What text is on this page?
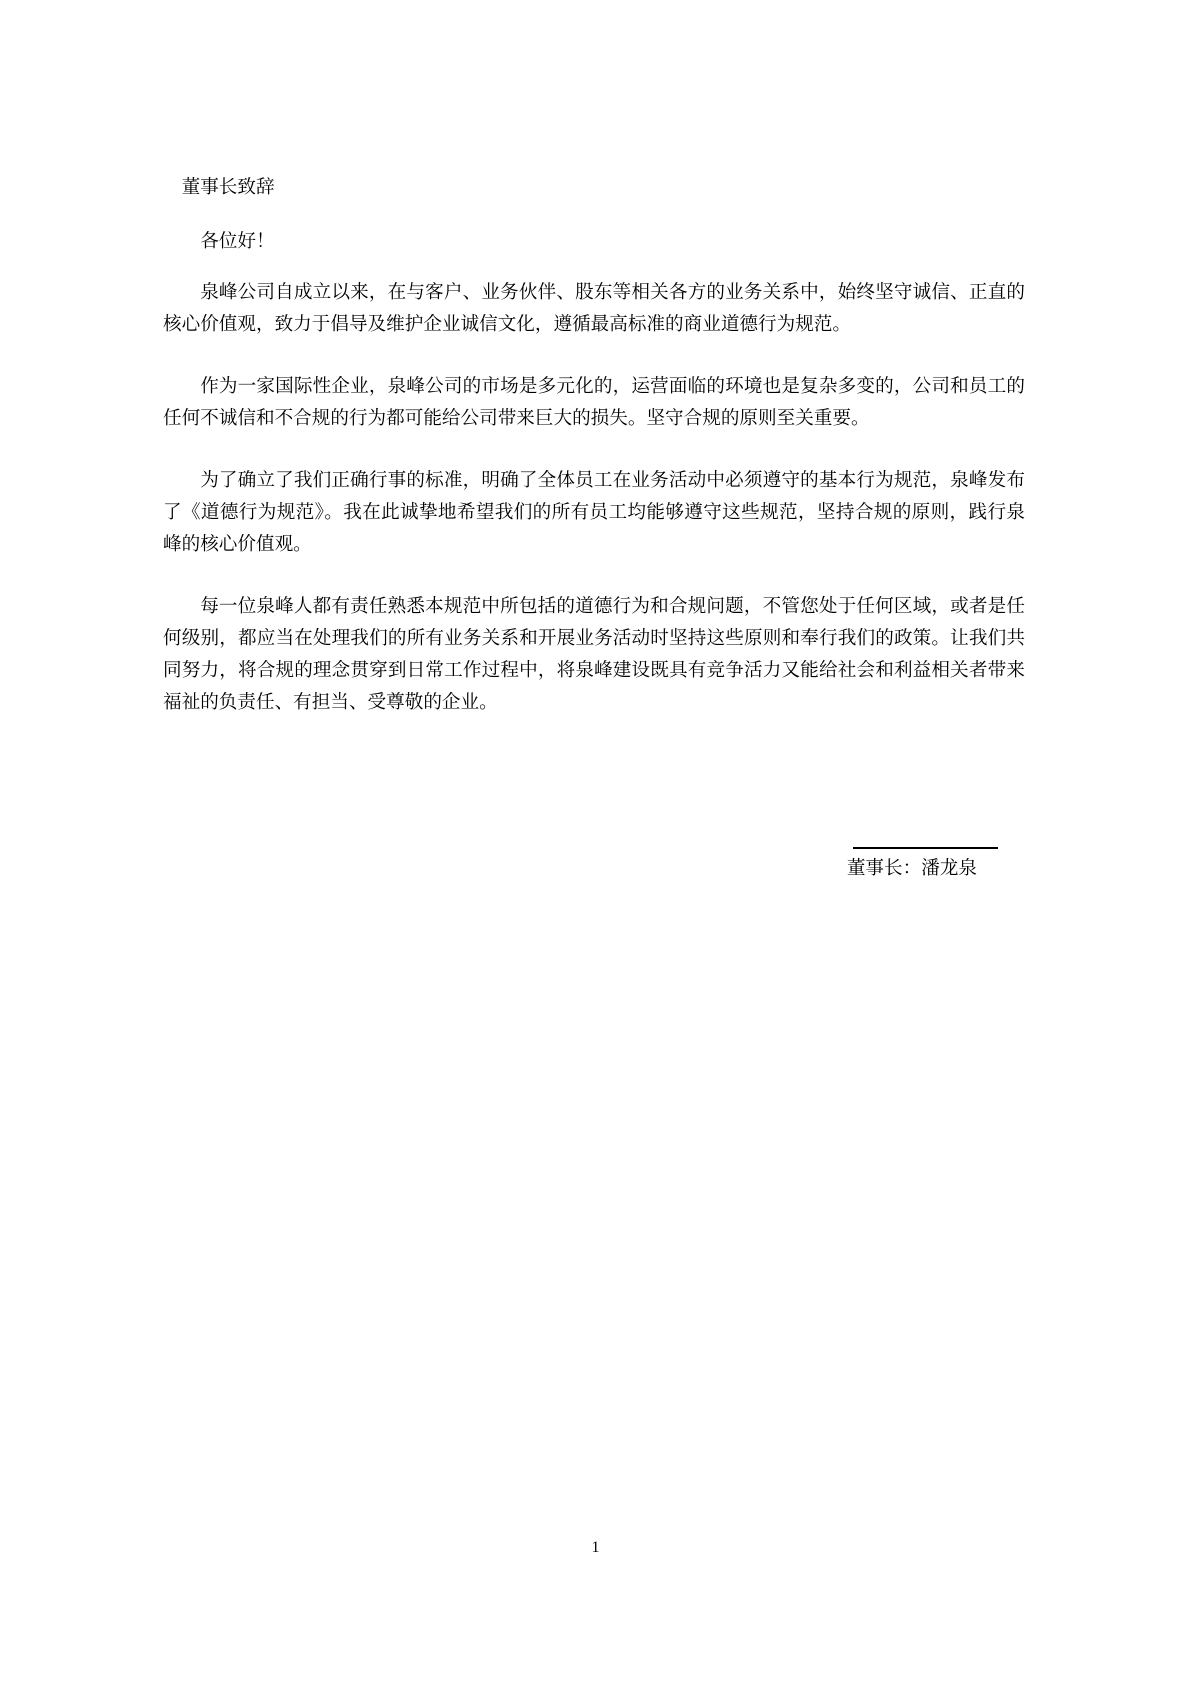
董事长致辞

各位好！

泉峰公司自成立以来，在与客户、业务伙伴、股东等相关各方的业务关系中，始终坚守诚信、正直的核心价值观，致力于倡导及维护企业诚信文化，遵循最高标准的商业道德行为规范。

作为一家国际性企业，泉峰公司的市场是多元化的，运营面临的环境也是复杂多变的，公司和员工的任何不诚信和不合规的行为都可能给公司带来巨大的损失。坚守合规的原则至关重要。

为了确立了我们正确行事的标准，明确了全体员工在业务活动中必须遵守的基本行为规范，泉峰发布了《道德行为规范》。我在此诚挚地希望我们的所有员工均能够遵守这些规范，坚持合规的原则，践行泉峰的核心价值观。

每一位泉峰人都有责任熟悉本规范中所包括的道德行为和合规问题，不管您处于任何区域，或者是任何级别，都应当在处理我们的所有业务关系和开展业务活动时坚持这些原则和奉行我们的政策。让我们共同努力，将合规的理念贯穿到日常工作过程中，将泉峰建设既具有竞争活力又能给社会和利益相关者带来福祉的负责任、有担当、受尊敬的企业。

董事长：潘龙泉
1
